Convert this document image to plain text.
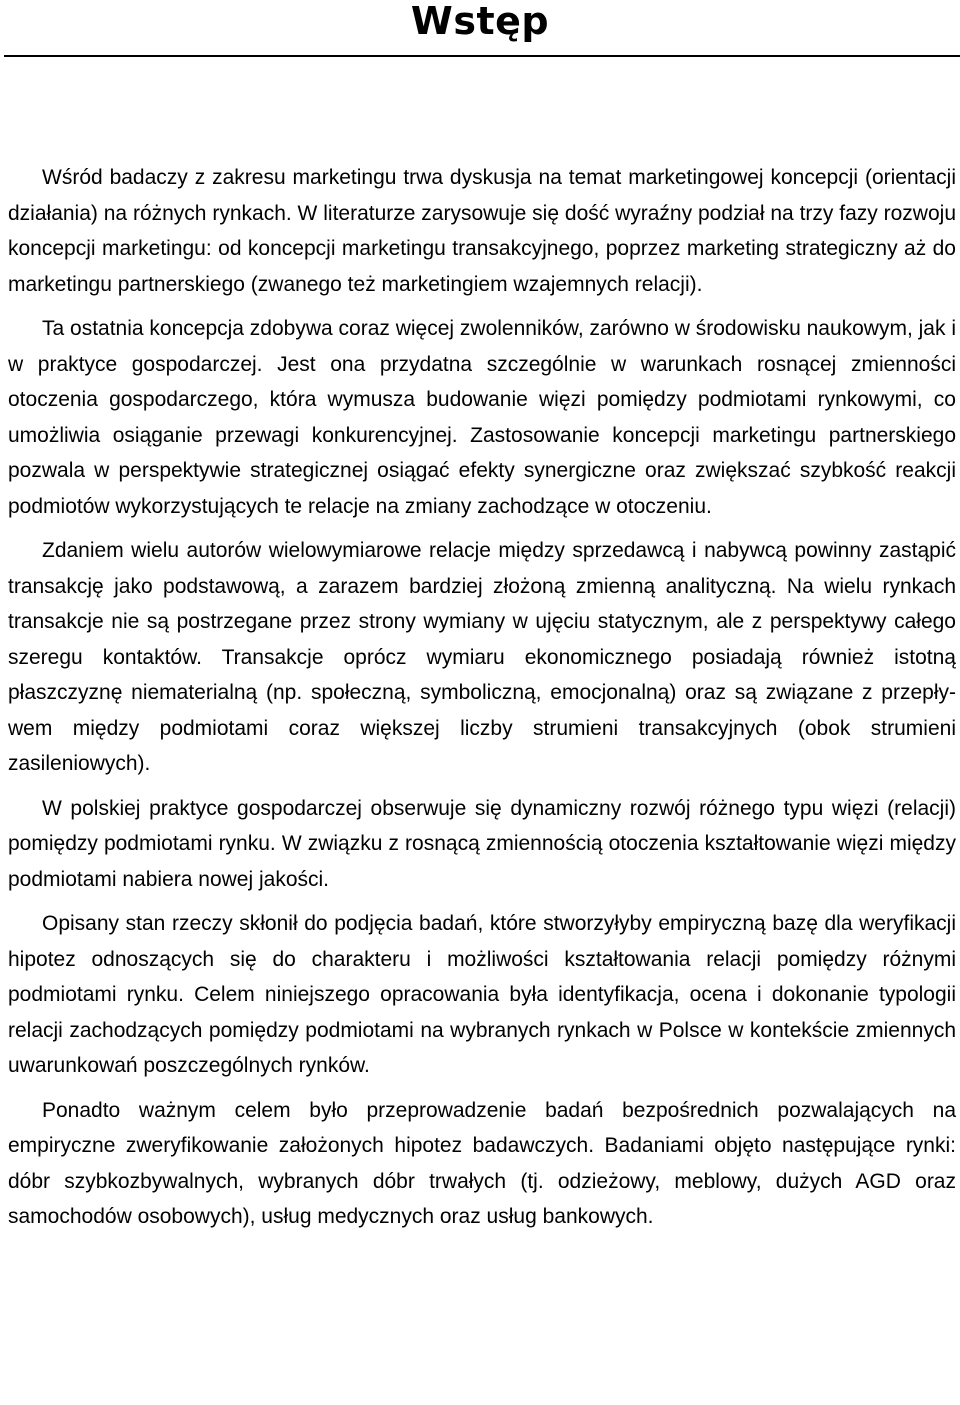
Wstęp

Wśród badaczy z zakresu marketingu trwa dyskusja na temat marketingowej koncepcji (orientacji działania) na różnych rynkach. W literaturze zarysowuje się dość wyraźny podział na trzy fazy rozwoju koncepcji marketingu: od koncepcji marketingu transakcyjnego, poprzez marketing strategiczny aż do marketingu partnerskiego (zwanego też marketingiem wzajemnych relacji).

Ta ostatnia koncepcja zdobywa coraz więcej zwolenników, zarówno w środowisku naukowym, jak i w praktyce gospodarczej. Jest ona przydatna szczególnie w warunkach rosnącej zmienności otoczenia gospodarczego, która wymusza budowanie więzi pomiędzy podmiotami rynkowymi, co umożliwia osiąganie przewagi konkurencyjnej. Zastosowanie koncepcji marketingu partnerskiego pozwala w perspektywie strategicznej osiągać efekty synergiczne oraz zwiększać szybkość reakcji podmiotów wykorzystujących te relacje na zmiany zachodzące w otoczeniu.

Zdaniem wielu autorów wielowymiarowe relacje między sprzedawcą i nabywcą powinny zastąpić transakcję jako podstawową, a zarazem bardziej złożoną zmienną analityczną. Na wielu rynkach transakcje nie są postrzegane przez strony wymiany w ujęciu statycznym, ale z perspektywy całego szeregu kontaktów. Transakcje oprócz wymiaru ekonomicznego posiadają również istotną płaszczyznę niematerialną (np. społeczną, symboliczną, emocjonalną) oraz są związane z przepływem między podmiotami coraz większej liczby strumieni transakcyjnych (obok strumieni zasileniowych).

W polskiej praktyce gospodarczej obserwuje się dynamiczny rozwój różnego typu więzi (relacji) pomiędzy podmiotami rynku. W związku z rosnącą zmiennością otoczenia kształtowanie więzi między podmiotami nabiera nowej jakości.

Opisany stan rzeczy skłonił do podjęcia badań, które stworzyłyby empiryczną bazę dla weryfikacji hipotez odnoszących się do charakteru i możliwości kształtowania relacji pomiędzy różnymi podmiotami rynku. Celem niniejszego opracowania była identyfikacja, ocena i dokonanie typologii relacji zachodzących pomiędzy podmiotami na wybranych rynkach w Polsce w kontekście zmiennych uwarunkowań poszczególnych rynków.

Ponadto ważnym celem było przeprowadzenie badań bezpośrednich pozwalających na empiryczne zweryfikowanie założonych hipotez badawczych. Badaniami objęto następujące rynki: dóbr szybkozbywalnych, wybranych dóbr trwałych (tj. odzieżowy, meblowy, dużych AGD oraz samochodów osobowych), usług medycznych oraz usług bankowych.
